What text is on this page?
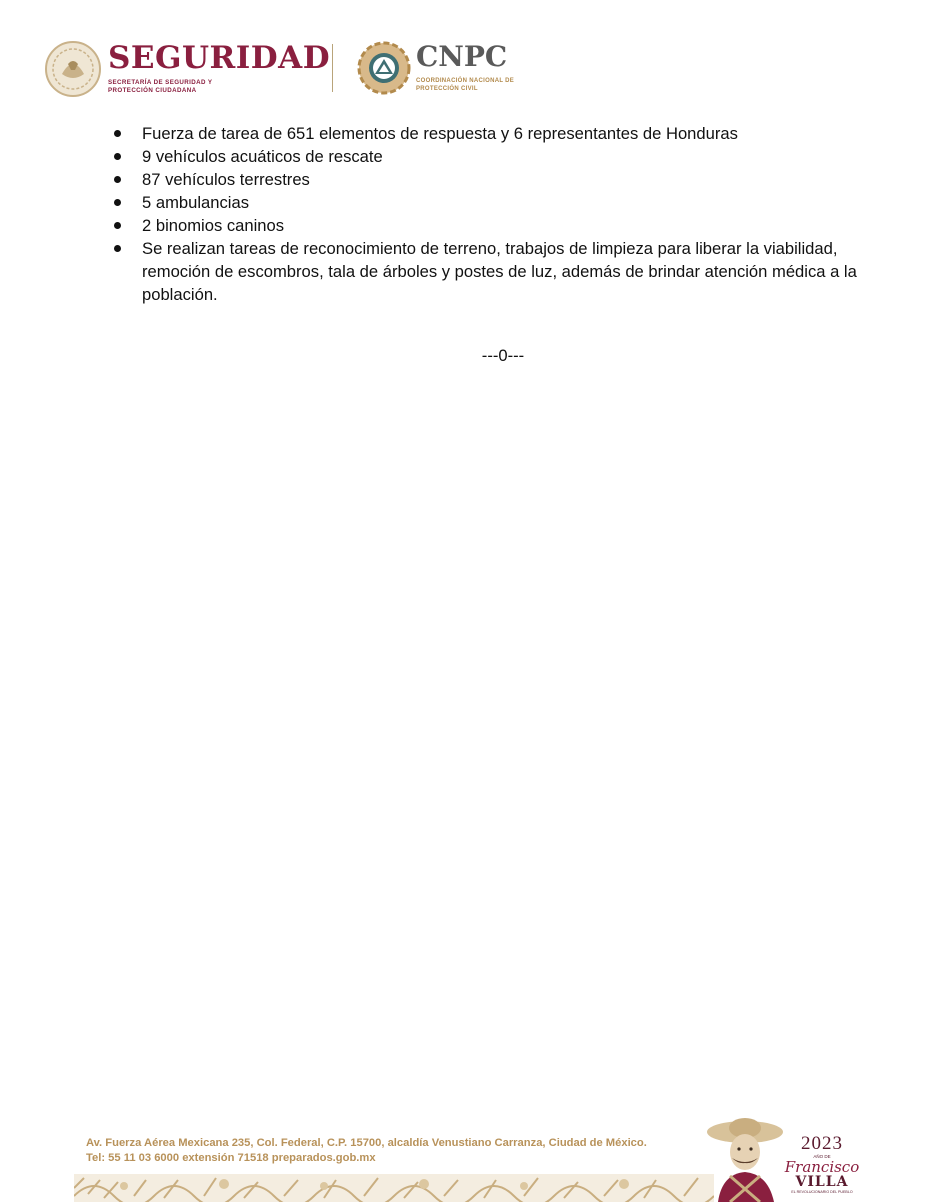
SEGURIDAD
SECRETARÍA DE SEGURIDAD Y PROTECCIÓN CIUDADANA
CNPC
COORDINACIÓN NACIONAL DE PROTECCIÓN CIVIL
Fuerza de tarea de 651 elementos de respuesta y 6 representantes de Honduras
9 vehículos acuáticos de rescate
87 vehículos terrestres
5 ambulancias
2 binomios caninos
Se realizan tareas de reconocimiento de terreno, trabajos de limpieza para liberar la viabilidad, remoción de escombros, tala de árboles y postes de luz, además de brindar atención médica a la población.
---0---
Av. Fuerza Aérea Mexicana 235, Col. Federal, C.P. 15700, alcaldía Venustiano Carranza, Ciudad de México.
Tel: 55 11 03 6000 extensión 71518 preparados.gob.mx
2023
AÑO DE
Francisco
VILLA
EL REVOLUCIONARIO DEL PUEBLO
